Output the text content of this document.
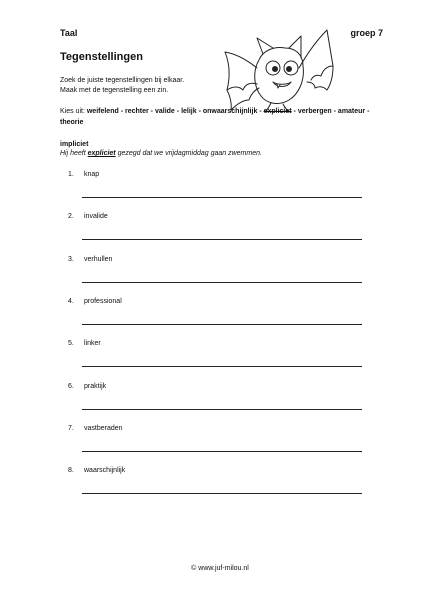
Taal	groep 7
Tegenstellingen
Zoek de juiste tegenstellingen bij elkaar.
Maak met de tegenstelling een zin.
Kies uit: weifelend - rechter - valide - lelijk - onwaarschijnlijk - expliciet - verbergen - amateur - theorie
impliciet
Hij heeft expliciet gezegd dat we vrijdagmiddag gaan zwemmen.
1. knap
2. invalide
3. verhullen
4. professional
5. linker
6. praktijk
7. vastberaden
8. waarschijnlijk
© www.juf-milou.nl
